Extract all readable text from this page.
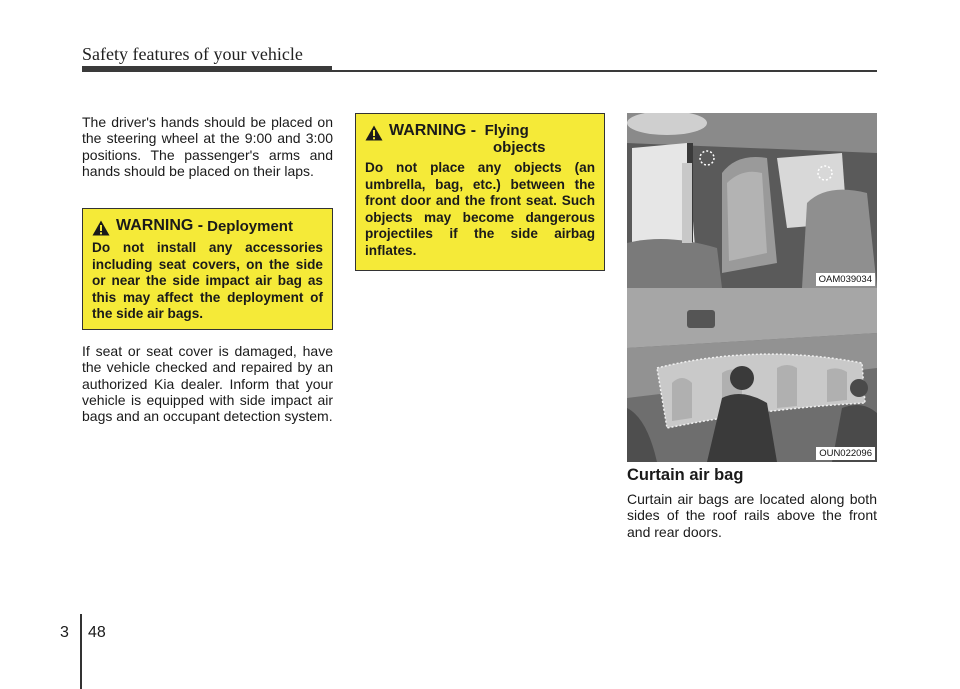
Safety features of your vehicle
The driver's hands should be placed on the steering wheel at the 9:00 and 3:00 positions. The passenger's arms and hands should be placed on their laps.
WARNING - Deployment
Do not install any accessories including seat covers, on the side or near the side impact air bag as this may affect the deployment of the side air bags.
If seat or seat cover is damaged, have the vehicle checked and repaired by an authorized Kia dealer. Inform that your vehicle is equipped with side impact air bags and an occupant detection system.
WARNING - Flying
objects
Do not place any objects (an umbrella, bag, etc.) between the front door and the front seat. Such objects may become dangerous projectiles if the side airbag inflates.
OAM039034
OUN022096
Curtain air bag
Curtain air bags are located along both sides of the roof rails above the front and rear doors.
3 48
